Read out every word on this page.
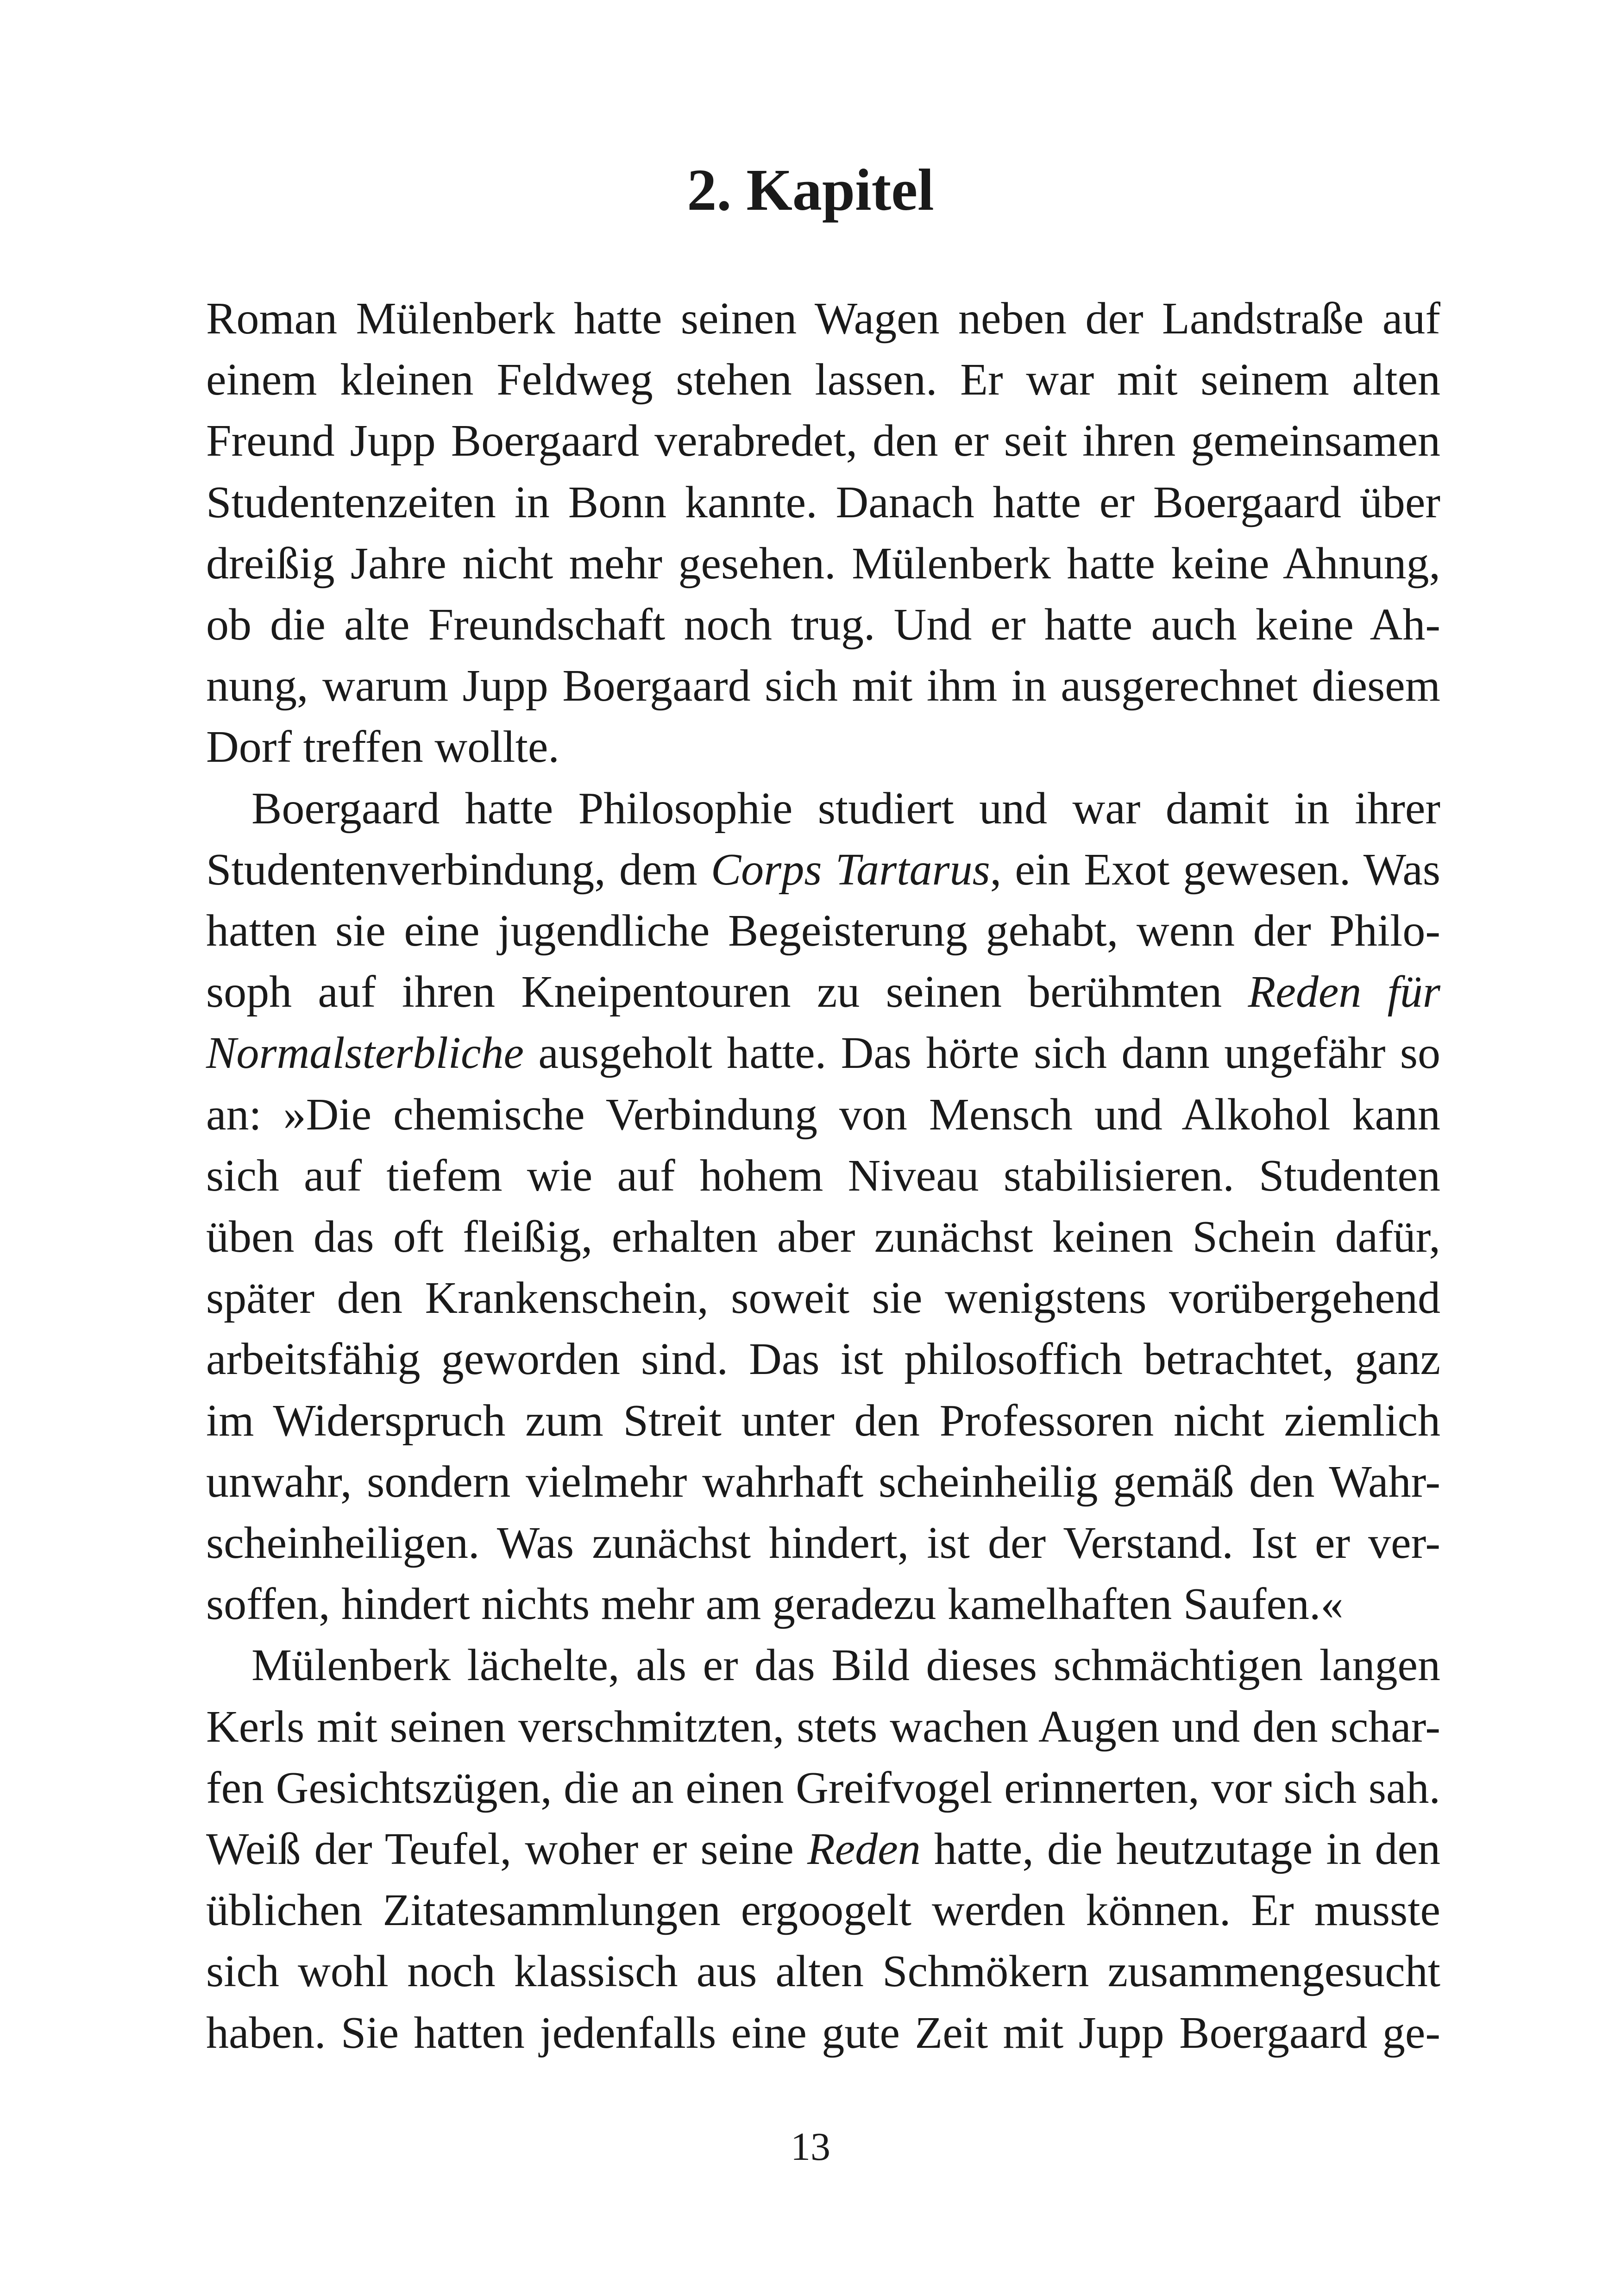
2. Kapitel

Roman Mülenberk hatte seinen Wagen neben der Landstraße auf
einem kleinen Feldweg stehen lassen. Er war mit seinem alten
Freund Jupp Boergaard verabredet, den er seit ihren gemeinsamen
Studentenzeiten in Bonn kannte. Danach hatte er Boergaard über
dreißig Jahre nicht mehr gesehen. Mülenberk hatte keine Ahnung,
ob die alte Freundschaft noch trug. Und er hatte auch keine Ah-
nung, warum Jupp Boergaard sich mit ihm in ausgerechnet diesem
Dorf treffen wollte.

Boergaard hatte Philosophie studiert und war damit in ihrer
Studentenverbindung, dem Corps Tartarus, ein Exot gewesen. Was
hatten sie eine jugendliche Begeisterung gehabt, wenn der Philo-
soph auf ihren Kneipentouren zu seinen berühmten Reden für
Normalsterbliche ausgeholt hatte. Das hörte sich dann ungefähr so
an: »Die chemische Verbindung von Mensch und Alkohol kann
sich auf tiefem wie auf hohem Niveau stabilisieren. Studenten
üben das oft fleißig, erhalten aber zunächst keinen Schein dafür,
später den Krankenschein, soweit sie wenigstens vorübergehend
arbeitsfähig geworden sind. Das ist philosoffich betrachtet, ganz
im Widerspruch zum Streit unter den Professoren nicht ziemlich
unwahr, sondern vielmehr wahrhaft scheinheilig gemäß den Wahr-
scheinheiligen. Was zunächst hindert, ist der Verstand. Ist er ver-
soffen, hindert nichts mehr am geradezu kamelhaften Saufen.«

Mülenberk lächelte, als er das Bild dieses schmächtigen langen
Kerls mit seinen verschmitzten, stets wachen Augen und den schar-
fen Gesichtszügen, die an einen Greifvogel erinnerten, vor sich sah.
Weiß der Teufel, woher er seine Reden hatte, die heutzutage in den
üblichen Zitatesammlungen ergoogelt werden können. Er musste
sich wohl noch klassisch aus alten Schmökern zusammengesucht
haben. Sie hatten jedenfalls eine gute Zeit mit Jupp Boergaard ge-

13
